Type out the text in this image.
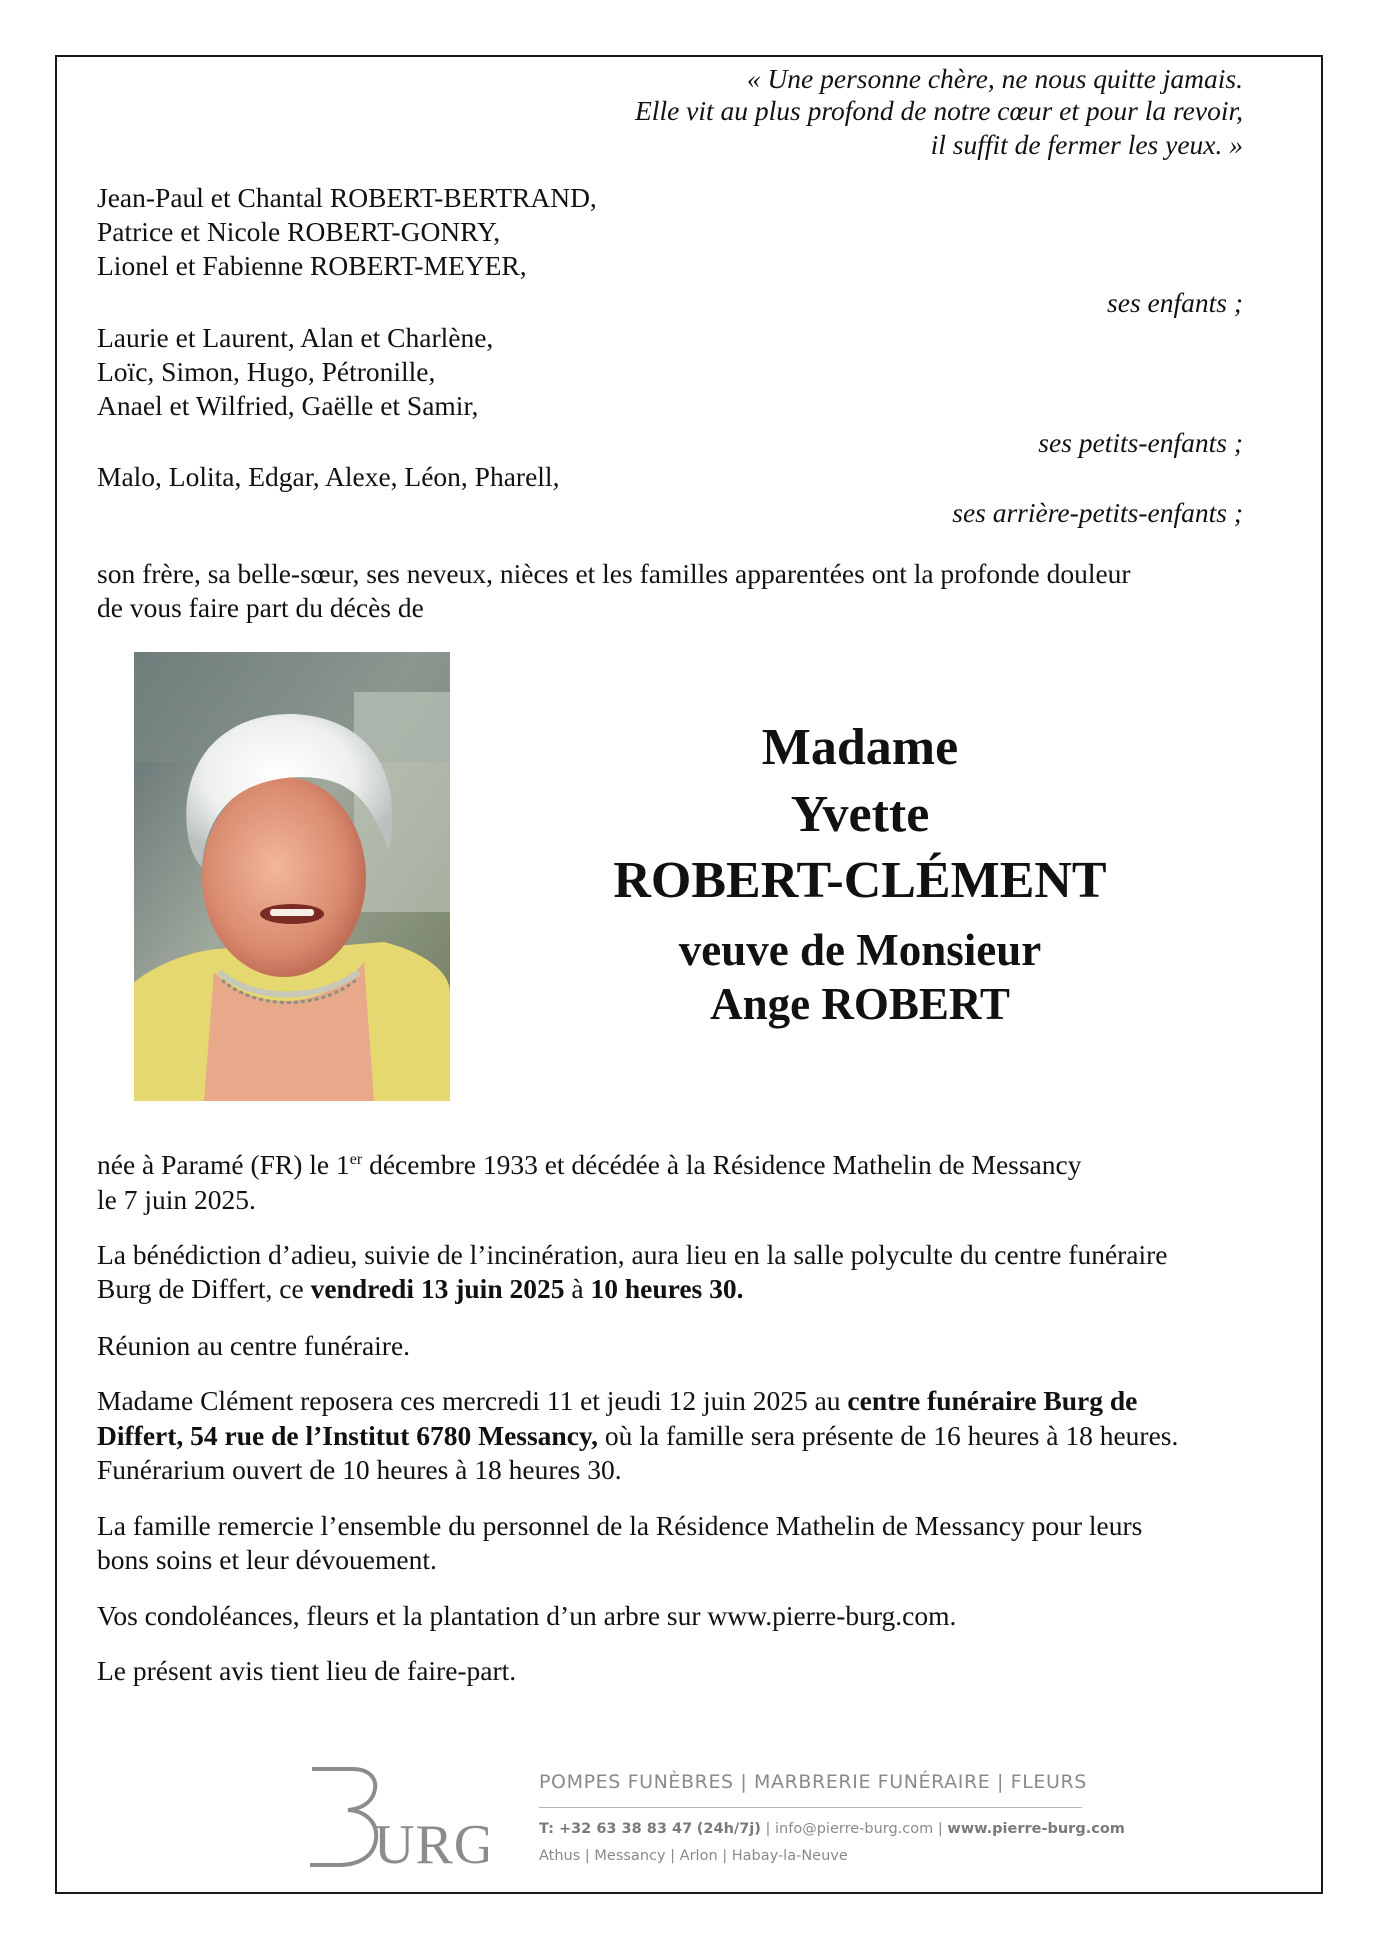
« Une personne chère, ne nous quitte jamais.
Elle vit au plus profond de notre cœur et pour la revoir,
il suffit de fermer les yeux. »
Jean-Paul et Chantal ROBERT-BERTRAND,
Patrice et Nicole ROBERT-GONRY,
Lionel et Fabienne ROBERT-MEYER,
ses enfants ;
Laurie et Laurent, Alan et Charlène,
Loïc, Simon, Hugo, Pétronille,
Anael et Wilfried, Gaëlle et Samir,
ses petits-enfants ;
Malo, Lolita, Edgar, Alexe, Léon, Pharell,
ses arrière-petits-enfants ;
son frère, sa belle-sœur, ses neveux, nièces et les familles apparentées ont la profonde douleur
de vous faire part du décès de
Madame
Yvette
ROBERT-CLÉMENT
veuve de Monsieur
Ange ROBERT
née à Paramé (FR) le 1er décembre 1933 et décédée à la Résidence Mathelin de Messancy
le 7 juin 2025.
La bénédiction d’adieu, suivie de l’incinération, aura lieu en la salle polyculte du centre funéraire
Burg de Differt, ce vendredi 13 juin 2025 à 10 heures 30.
Réunion au centre funéraire.
Madame Clément reposera ces mercredi 11 et jeudi 12 juin 2025 au centre funéraire Burg de
Differt, 54 rue de l’Institut 6780 Messancy, où la famille sera présente de 16 heures à 18 heures.
Funérarium ouvert de 10 heures à 18 heures 30.
La famille remercie l’ensemble du personnel de la Résidence Mathelin de Messancy pour leurs
bons soins et leur dévouement.
Vos condoléances, fleurs et la plantation d’un arbre sur www.pierre-burg.com.
Le présent avis tient lieu de faire-part.
URG
POMPES FUNÈBRES | MARBRERIE FUNÉRAIRE | FLEURS
T: +32 63 38 83 47 (24h/7j) | info@pierre-burg.com | www.pierre-burg.com
Athus | Messancy | Arlon | Habay-la-Neuve
